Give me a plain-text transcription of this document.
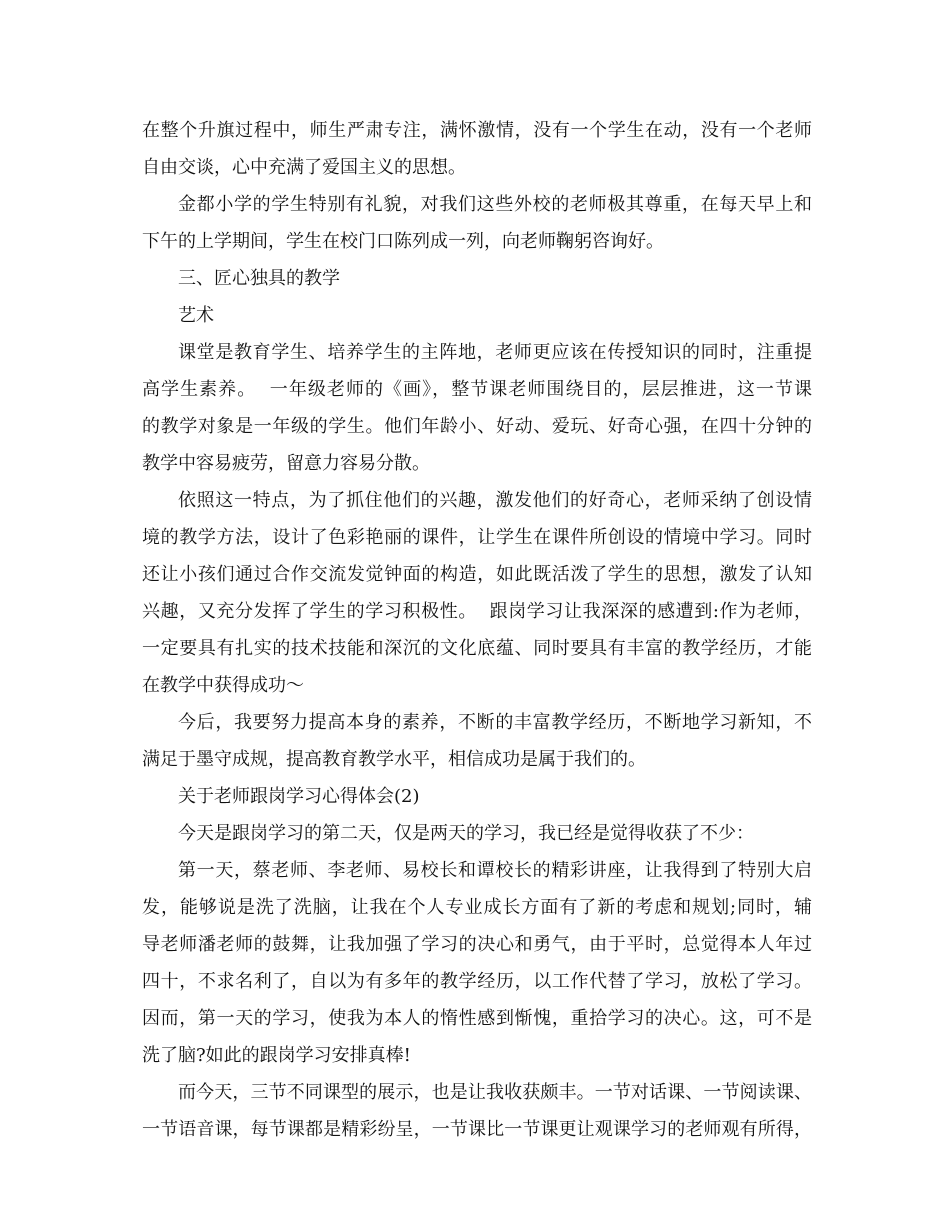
在整个升旗过程中，师生严肃专注，满怀激情，没有一个学生在动，没有一个老师
自由交谈，心中充满了爱国主义的思想。
金都小学的学生特别有礼貌，对我们这些外校的老师极其尊重，在每天早上和
下午的上学期间，学生在校门口陈列成一列，向老师鞠躬咨询好。
三、匠心独具的教学
艺术
课堂是教育学生、培养学生的主阵地，老师更应该在传授知识的同时，注重提
高学生素养。  一年级老师的《画》，整节课老师围绕目的，层层推进，这一节课
的教学对象是一年级的学生。他们年龄小、好动、爱玩、好奇心强，在四十分钟的
教学中容易疲劳，留意力容易分散。
依照这一特点，为了抓住他们的兴趣，激发他们的好奇心，老师采纳了创设情
境的教学方法，设计了色彩艳丽的课件，让学生在课件所创设的情境中学习。同时
还让小孩们通过合作交流发觉钟面的构造，如此既活泼了学生的思想，激发了认知
兴趣，又充分发挥了学生的学习积极性。  跟岗学习让我深深的感遭到:作为老师，
一定要具有扎实的技术技能和深沉的文化底蕴、同时要具有丰富的教学经历，才能
在教学中获得成功～
今后，我要努力提高本身的素养，不断的丰富教学经历，不断地学习新知，不
满足于墨守成规，提高教育教学水平，相信成功是属于我们的。
关于老师跟岗学习心得体会(2)
今天是跟岗学习的第二天，仅是两天的学习，我已经是觉得收获了不少：
第一天，蔡老师、李老师、易校长和谭校长的精彩讲座，让我得到了特别大启
发，能够说是洗了洗脑，让我在个人专业成长方面有了新的考虑和规划;同时，辅
导老师潘老师的鼓舞，让我加强了学习的决心和勇气，由于平时，总觉得本人年过
四十，不求名利了，自以为有多年的教学经历，以工作代替了学习，放松了学习。
因而，第一天的学习，使我为本人的惰性感到惭愧，重拾学习的决心。这，可不是
洗了脑?如此的跟岗学习安排真棒!
而今天，三节不同课型的展示，也是让我收获颇丰。一节对话课、一节阅读课、
一节语音课，每节课都是精彩纷呈，一节课比一节课更让观课学习的老师观有所得，
